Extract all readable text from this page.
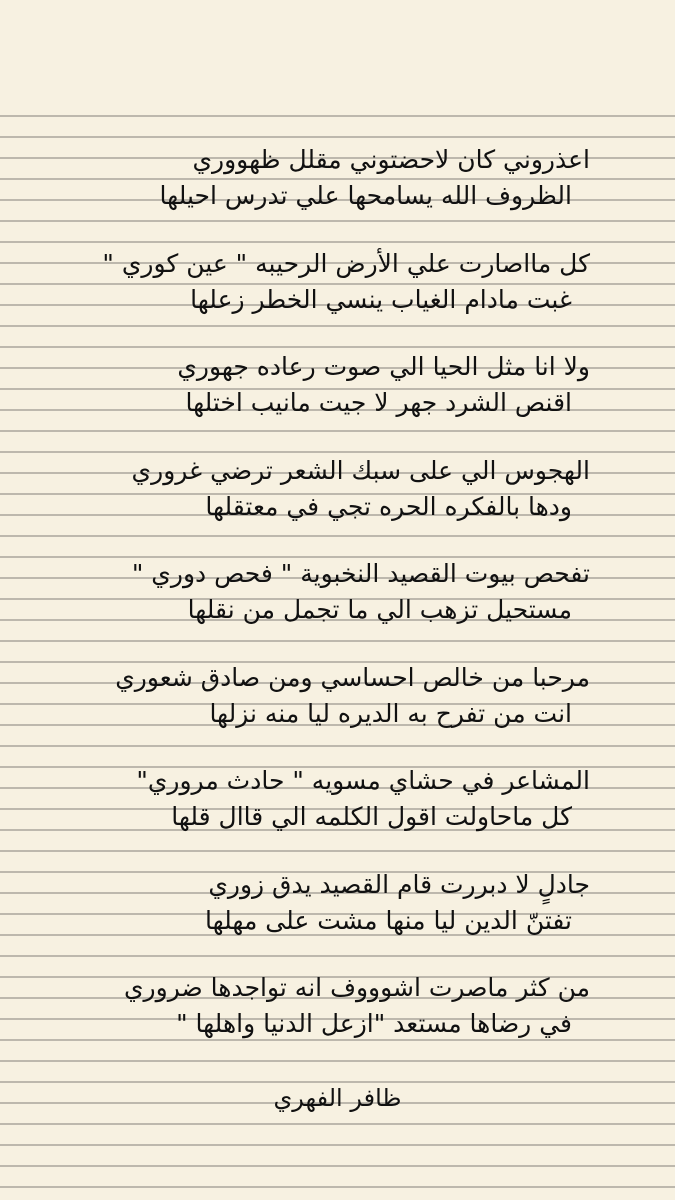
اعذروني كان لاحضتوني مقلل ظهووري
الظروف الله يسامحها علي تدرس احيلها
كل مااصارت علي الأرض الرحيبه " عين كوري "
غبت مادام الغياب ينسي الخطر زعلها
ولا انا مثل الحيا الي صوت رعاده جهوري
اقنص الشرد جهر لا جيت مانيب اختلها
الهجوس الي على سبك الشعر ترضي غروري
ودها بالفكره الحره تجي في معتقلها
تفحص بيوت القصيد النخبوية " فحص دوري "
مستحيل تزهب الي ما تجمل من نقلها
مرحبا من خالص احساسي ومن صادق شعوري
انت من تفرح به الديره ليا منه نزلها
المشاعر في حشاي مسويه " حادث مروري"
كل ماحاولت اقول الكلمه الي قاال قلها
جادلٍ لا دبررت قام القصيد يدق زوري
تفتنّ الدين ليا منها مشت على مهلها
من كثر ماصرت اشوووف انه تواجدها ضروري
في رضاها مستعد "ازعل الدنيا واهلها "
ظافر الفهري
